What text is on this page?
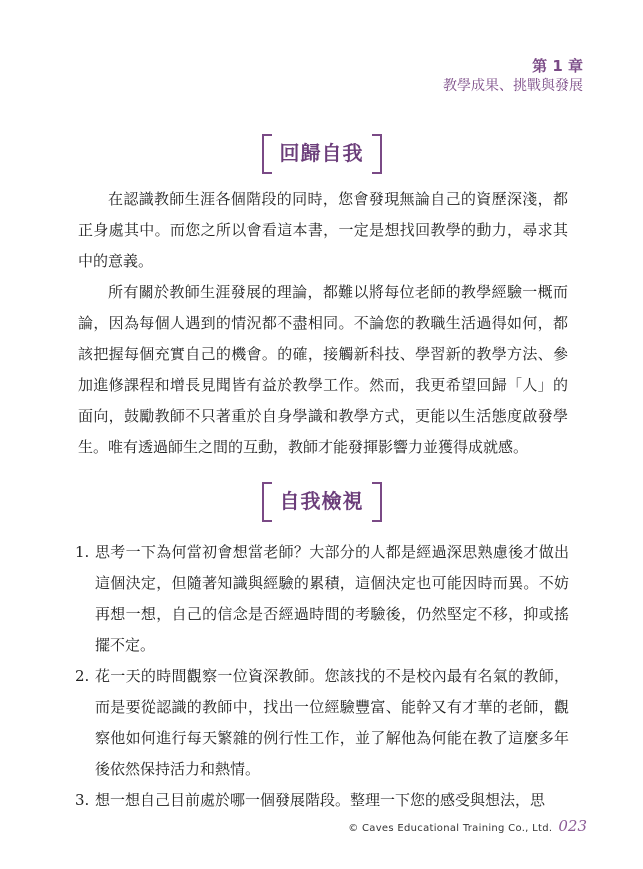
第 1 章
教學成果、挑戰與發展
回歸自我

在認識教師生涯各個階段的同時，您會發現無論自己的資歷深淺，都正身處其中。而您之所以會看這本書，一定是想找回教學的動力，尋求其中的意義。

所有關於教師生涯發展的理論，都難以將每位老師的教學經驗一概而論，因為每個人遇到的情況都不盡相同。不論您的教職生活過得如何，都該把握每個充實自己的機會。的確，接觸新科技、學習新的教學方法、參加進修課程和增長見聞皆有益於教學工作。然而，我更希望回歸「人」的面向，鼓勵教師不只著重於自身學識和教學方式，更能以生活態度啟發學生。唯有透過師生之間的互動，教師才能發揮影響力並獲得成就感。

自我檢視
1. 思考一下為何當初會想當老師？大部分的人都是經過深思熟慮後才做出這個決定，但隨著知識與經驗的累積，這個決定也可能因時而異。不妨再想一想，自己的信念是否經過時間的考驗後，仍然堅定不移，抑或搖擺不定。
2. 花一天的時間觀察一位資深教師。您該找的不是校內最有名氣的教師，而是要從認識的教師中，找出一位經驗豐富、能幹又有才華的老師，觀察他如何進行每天繁雜的例行性工作，並了解他為何能在教了這麼多年後依然保持活力和熱情。
3. 想一想自己目前處於哪一個發展階段。整理一下您的感受與想法，思
© Caves Educational Training Co., Ltd. 023
